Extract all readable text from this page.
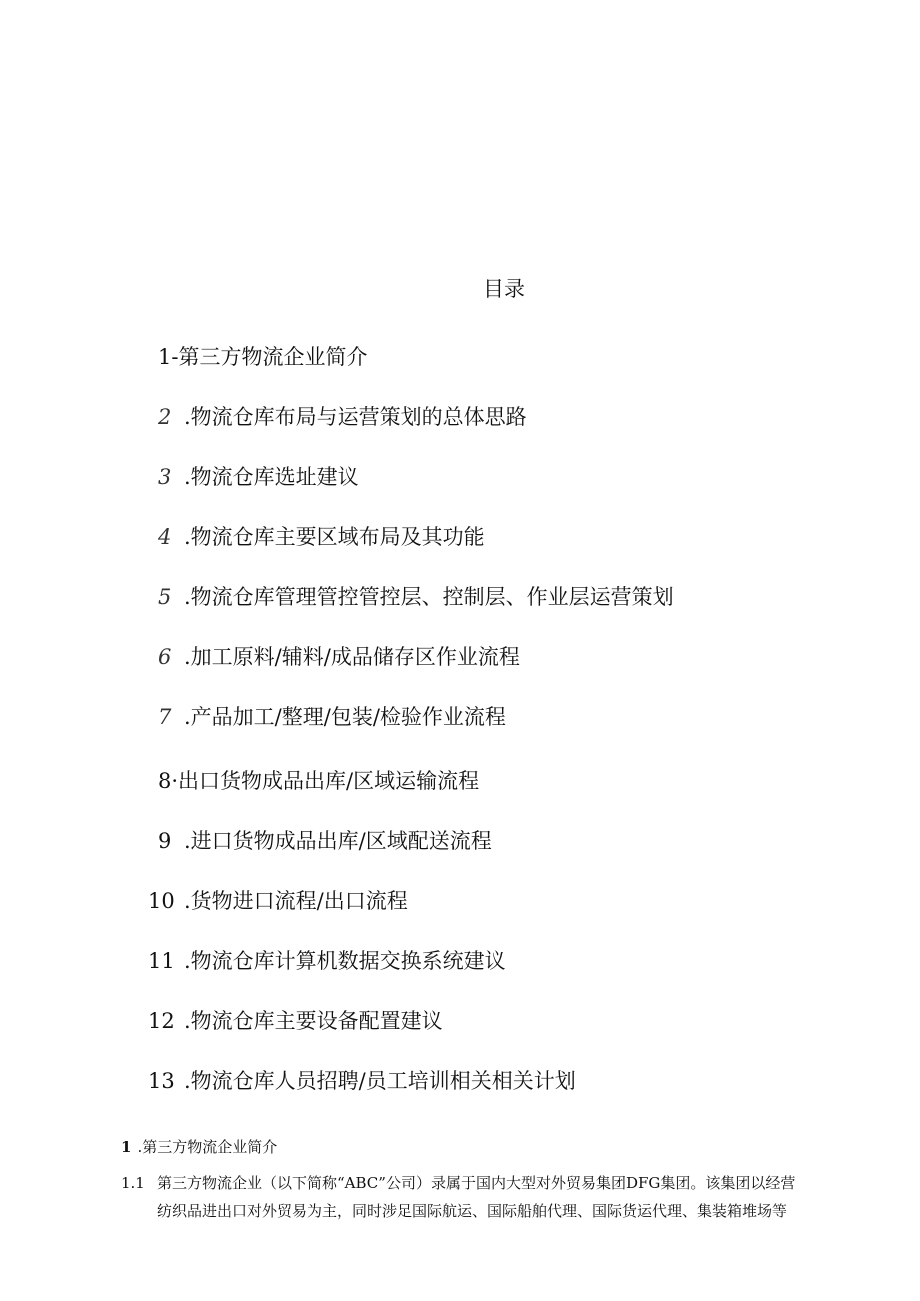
目录
1-第三方物流企业简介
2 .物流仓库布局与运营策划的总体思路
3 .物流仓库选址建议
4 .物流仓库主要区域布局及其功能
5 .物流仓库管理管控管控层、控制层、作业层运营策划
6 .加工原料/辅料/成品储存区作业流程
7 .产品加工/整理/包装/检验作业流程
8·出口货物成品出库/区域运输流程
9 .进口货物成品出库/区域配送流程
10 .货物进口流程/出口流程
11 .物流仓库计算机数据交换系统建议
12 .物流仓库主要设备配置建议
13 .物流仓库人员招聘/员工培训相关相关计划
1 .第三方物流企业简介
1.1 第三方物流企业（以下简称“ABC”公司）录属于国内大型对外贸易集团DFG集团。该集团以经营
纺织品进出口对外贸易为主，同时涉足国际航运、国际船舶代理、国际货运代理、集装箱堆场等
